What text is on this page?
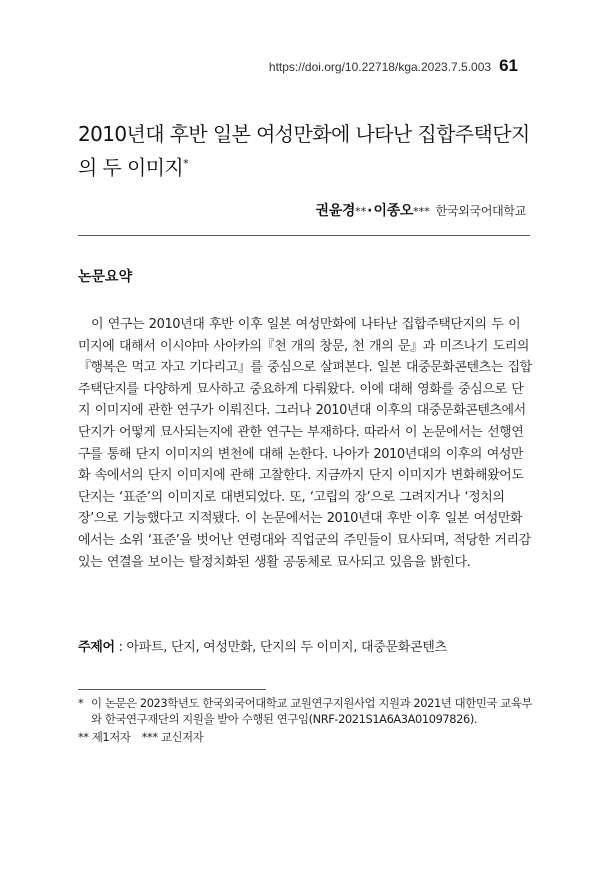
https://doi.org/10.22718/kga.2023.7.5.003 61
2010년대 후반 일본 여성만화에 나타난 집합주택단지의 두 이미지*
권윤경 ** · 이종오 *** 한국외국어대학교
논문요약

이 연구는 2010년대 후반 이후 일본 여성만화에 나타난 집합주택단지의 두 이미지에 대해서 이시야마 사아카의『천 개의 창문, 천 개의 문』과 미즈나기 도리의『행복은 먹고 자고 기다리고』를 중심으로 살펴본다. 일본 대중문화콘텐츠는 집합주택단지를 다양하게 묘사하고 중요하게 다뤄왔다. 이에 대해 영화를 중심으로 단지 이미지에 관한 연구가 이뤄진다. 그러나 2010년대 이후의 대중문화콘텐츠에서 단지가 어떻게 묘사되는지에 관한 연구는 부재하다. 따라서 이 논문에서는 선행연구를 통해 단지 이미지의 변천에 대해 논한다. 나아가 2010년대의 이후의 여성만화 속에서의 단지 이미지에 관해 고찰한다. 지금까지 단지 이미지가 변화해왔어도 단지는 ‘표준’의 이미지로 대변되었다. 또, ‘고립의 장’으로 그려지거나 ‘정치의 장’으로 기능했다고 지적됐다. 이 논문에서는 2010년대 후반 이후 일본 여성만화에서는 소위 ‘표준’을 벗어난 연령대와 직업군의 주민들이 묘사되며, 적당한 거리감 있는 연결을 보이는 탈정치화된 생활 공동체로 묘사되고 있음을 밝힌다.

주제어 : 아파트, 단지, 여성만화, 단지의 두 이미지, 대중문화콘텐츠

* 이 논문은 2023학년도 한국외국어대학교 교원연구지원사업 지원과 2021년 대한민국 교육부와 한국연구재단의 지원을 받아 수행된 연구임(NRF-2021S1A6A3A01097826).

** 제1저자 *** 교신저자
